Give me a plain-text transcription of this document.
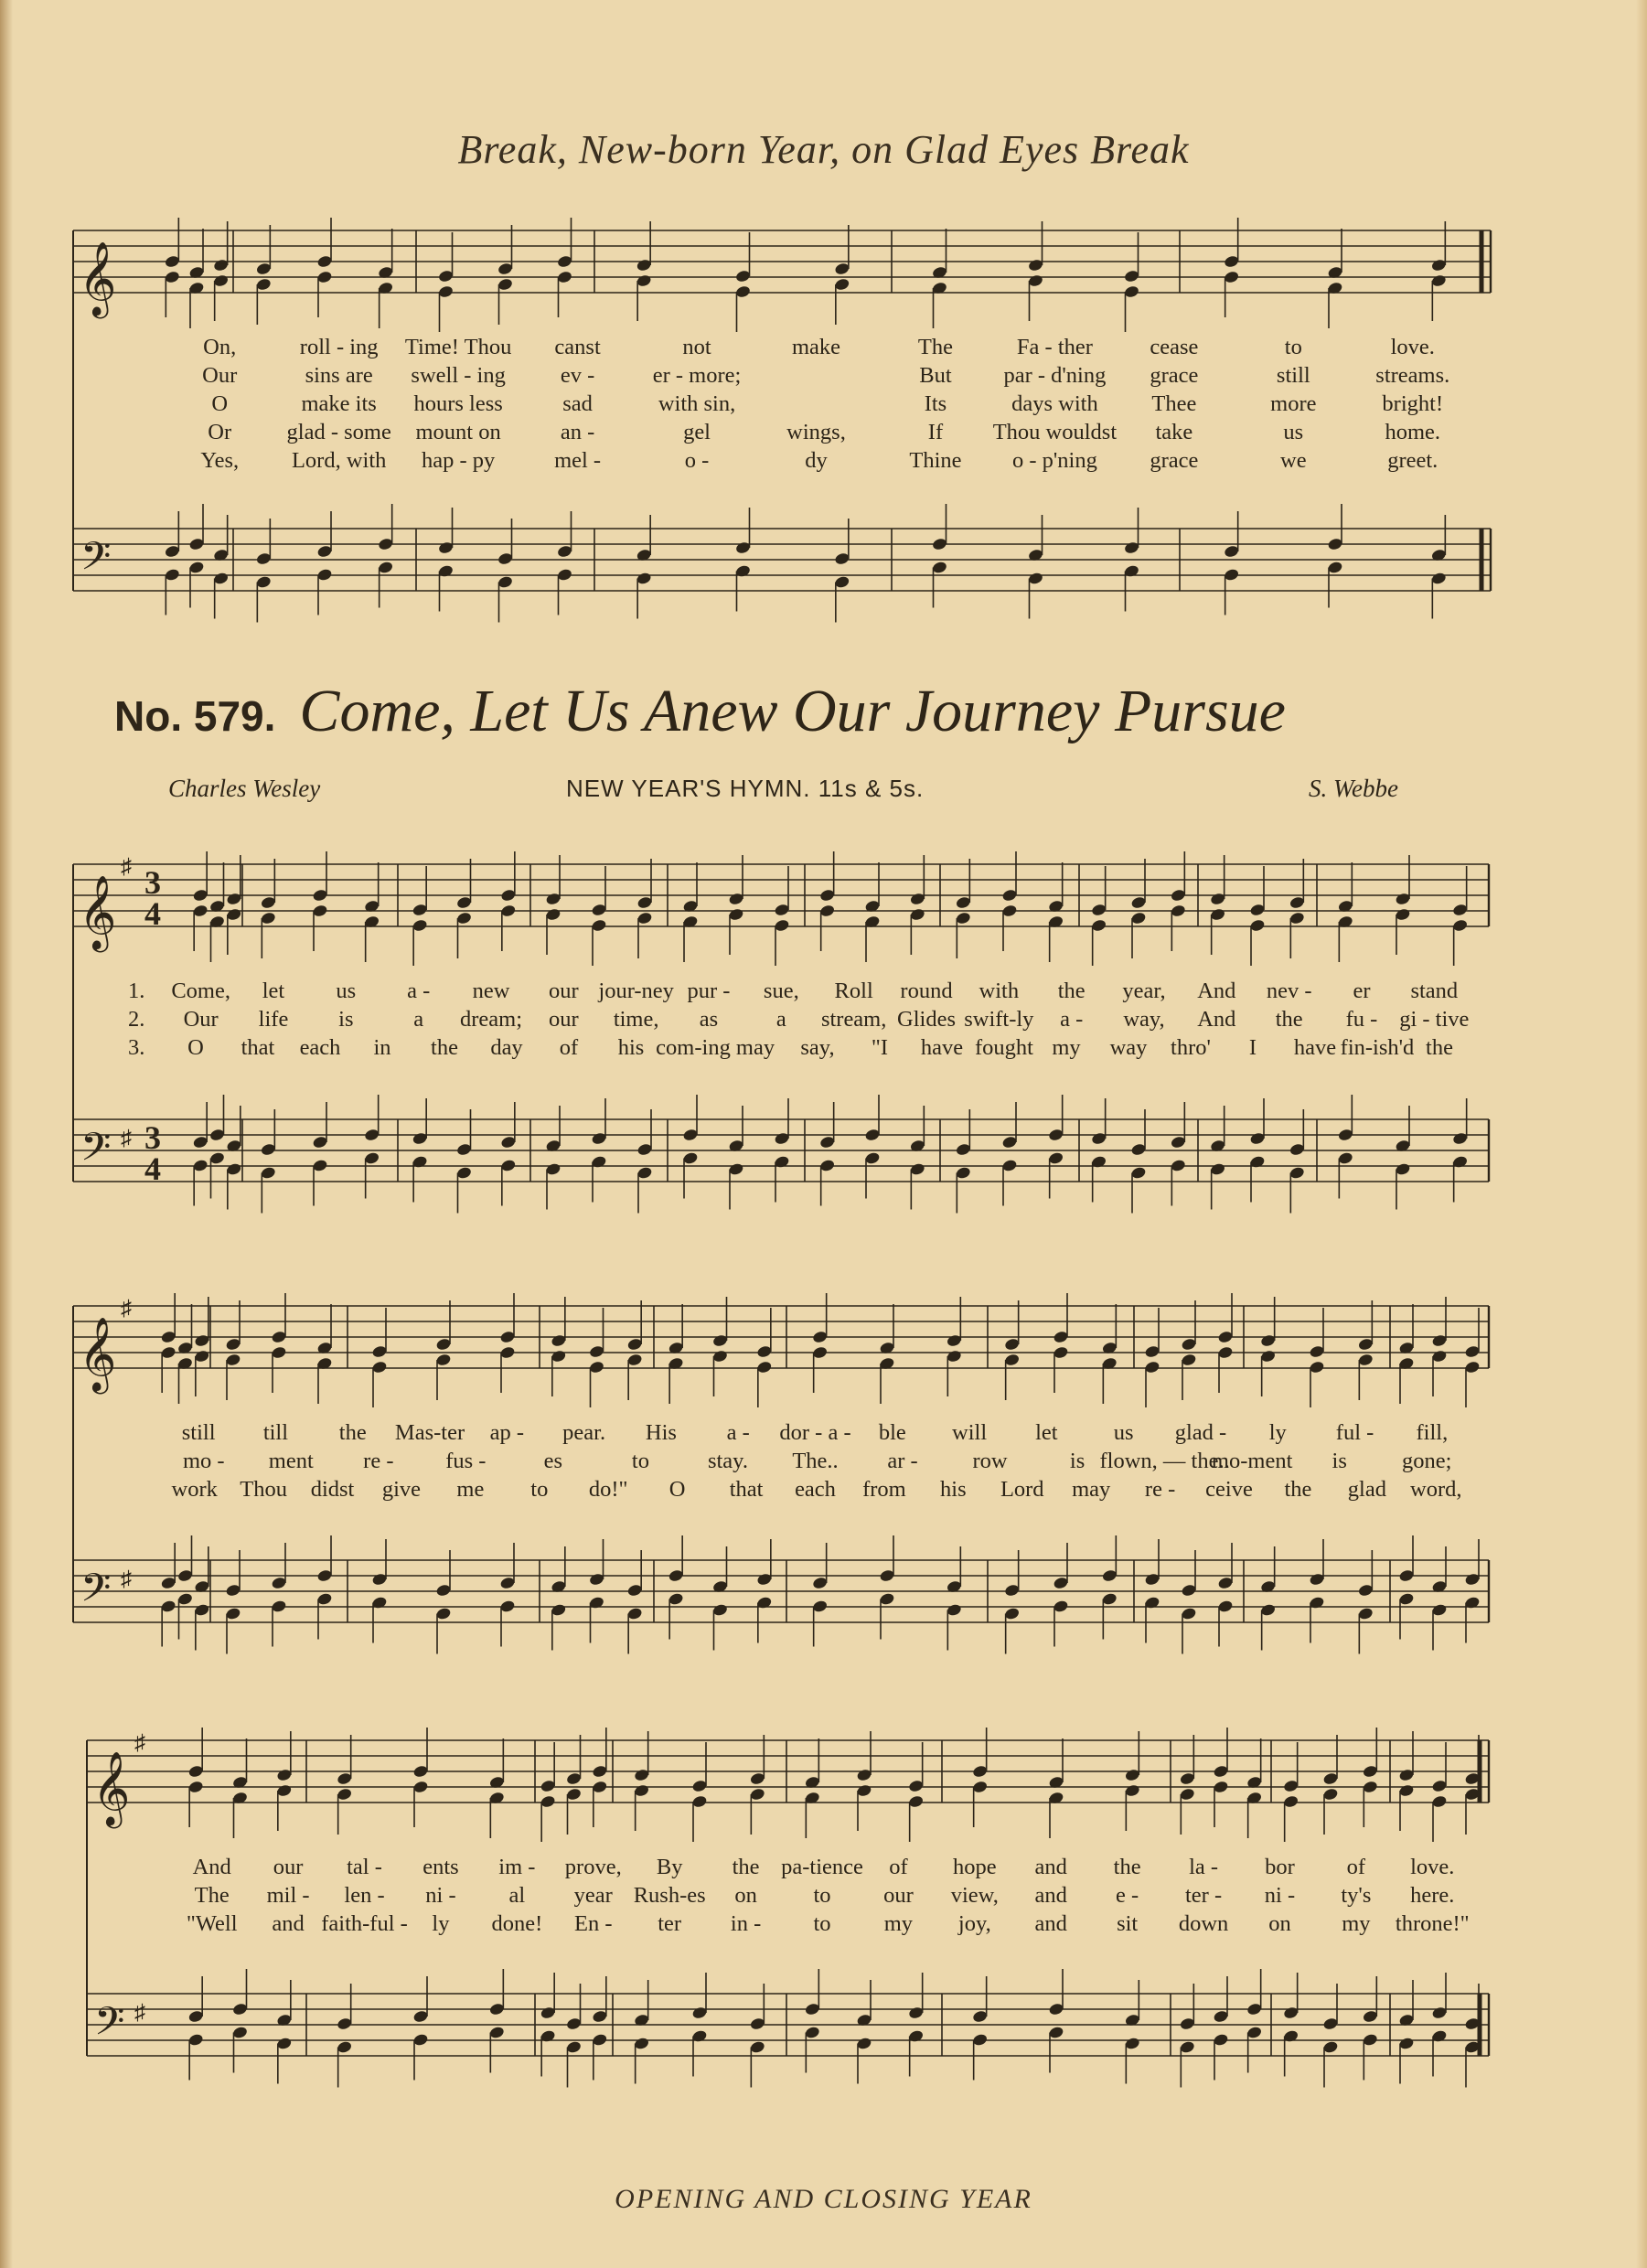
Break, New-born Year, on Glad Eyes Break
No. 579. Come, Let Us Anew Our Journey Pursue
Charles Wesley	NEW YEAR'S HYMN. 11s & 5s.	S. Webbe
𝄞
𝄢
𝄞
𝄢
♯
♯
3
4
3
4
𝄞
𝄢
♯
♯
𝄞
𝄢
♯
♯
On,	roll - ing Time! Thou canst	not	make	The	Fa - ther	cease	to	love.
Our	sins are swell - ing ev -	er - more;	But par - d'ning grace	still	streams.
O	make its hours less	sad	with sin,	Its	days with Thee	more	bright!
Or glad - some mount on	an -	gel	wings,	If Thou wouldst take	us	home.
Yes, Lord, with hap - py	mel -	o -	dy	Thine o - p'ning grace	we	greet.
1. Come, let us a - new our jour-ney pur - sue, Roll round with the year, And nev - er stand
2. Our life is	a dream; our time, as	a stream, Glides swift-ly a - way, And the fu - gi - tive
3. O that each in the day of his com-ing may say, "I have fought my way thro' I have fin-ish'd the
still till the Mas-ter ap - pear. His a - dor - a - ble will let us glad - ly ful - fill,
mo - ment re - fus -	es	to	stay. The.. ar - row	is flown, — the..
mo-ment is gone;
work Thou didst give me to do!" O that each from his Lord may re - ceive the glad word,
And our tal - ents im - prove, By the pa-tience of hope and the la - bor of love.
The mil - len - ni - al year Rush-es on	to our view, and e - ter - ni - ty's here.
"Well and faith-ful - ly done! En - ter in - to my joy, and sit down on my throne!"
OPENING AND CLOSING YEAR
